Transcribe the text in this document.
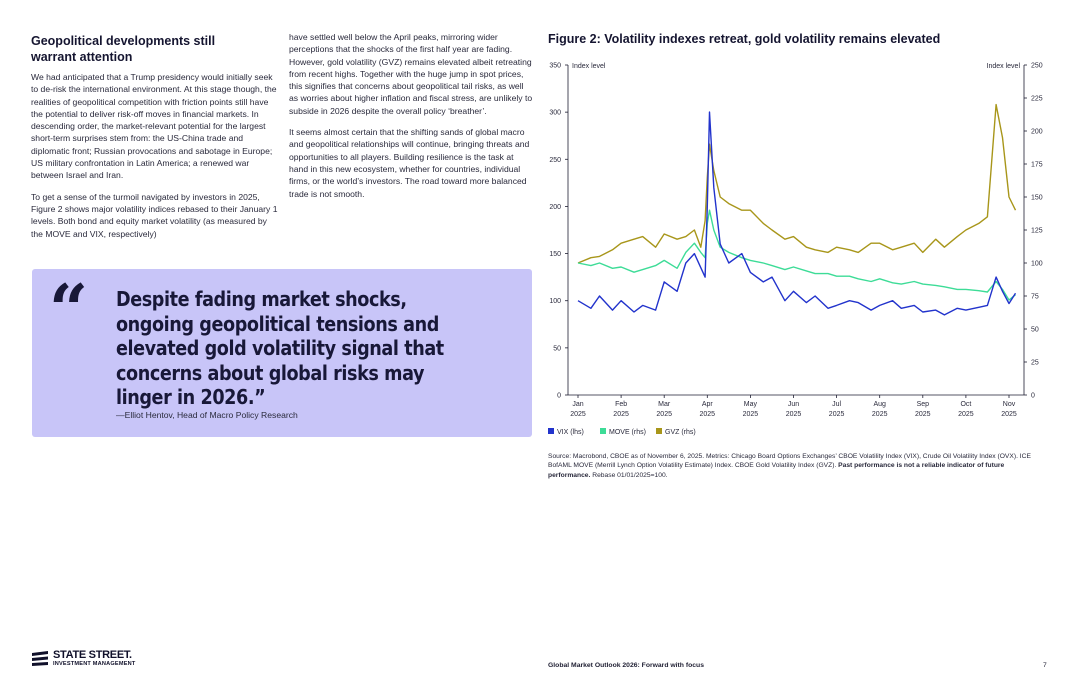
Geopolitical developments still warrant attention

We had anticipated that a Trump presidency would initially seek to de-risk the international environment. At this stage though, the realities of geopolitical competition with friction points still have the potential to deliver risk-off moves in financial markets. In descending order, the market-relevant potential for the largest short-term surprises stem from: the US-China trade and diplomatic front; Russian provocations and sabotage in Europe; US military confrontation in Latin America; a renewed war between Israel and Iran.

To get a sense of the turmoil navigated by investors in 2025, Figure 2 shows major volatility indices rebased to their January 1 levels. Both bond and equity market volatility (as measured by the MOVE and VIX, respectively)

have settled well below the April peaks, mirroring wider perceptions that the shocks of the first half year are fading. However, gold volatility (GVZ) remains elevated albeit retreating from recent highs. Together with the huge jump in spot prices, this signifies that concerns about geopolitical tail risks, as well as worries about higher inflation and fiscal stress, are unlikely to subside in 2026 despite the overall policy ‘breather’.

It seems almost certain that the shifting sands of global macro and geopolitical relationships will continue, bringing threats and opportunities to all players. Building resilience is the task at hand in this new ecosystem, whether for countries, individual firms, or the world’s investors. The road toward more balanced trade is not smooth.

“ Despite fading market shocks, ongoing geopolitical tensions and elevated gold volatility signal that concerns about global risks may linger in 2026.”
—Elliot Hentov, Head of Macro Policy Research
Figure 2: Volatility indexes retreat, gold volatility remains elevated
Index level	Index level
0
50
100
150
200
250
300
350
0
25
50
75
100
125
150
175
200
225
250
Jan
2025
Feb
2025
Mar
2025
Apr
2025
May
2025
Jun
2025
Jul
2025
Aug
2025
Sep
2025
Oct
2025
Nov
2025
VIX (lhs)	MOVE (rhs)	GVZ (rhs)
Source: Macrobond, CBOE as of November 6, 2025. Metrics: Chicago Board Options Exchanges’ CBOE Volatility Index (VIX), Crude Oil Volatility Index (OVX). ICE BofAML MOVE (Merrill Lynch Option Volatility Estimate) Index. CBOE Gold Volatility Index (GVZ). Past performance is not a reliable indicator of future performance. Rebase 01/01/2025=100.
STATE STREET.
INVESTMENT MANAGEMENT	Global Market Outlook 2026: Forward with focus	7
